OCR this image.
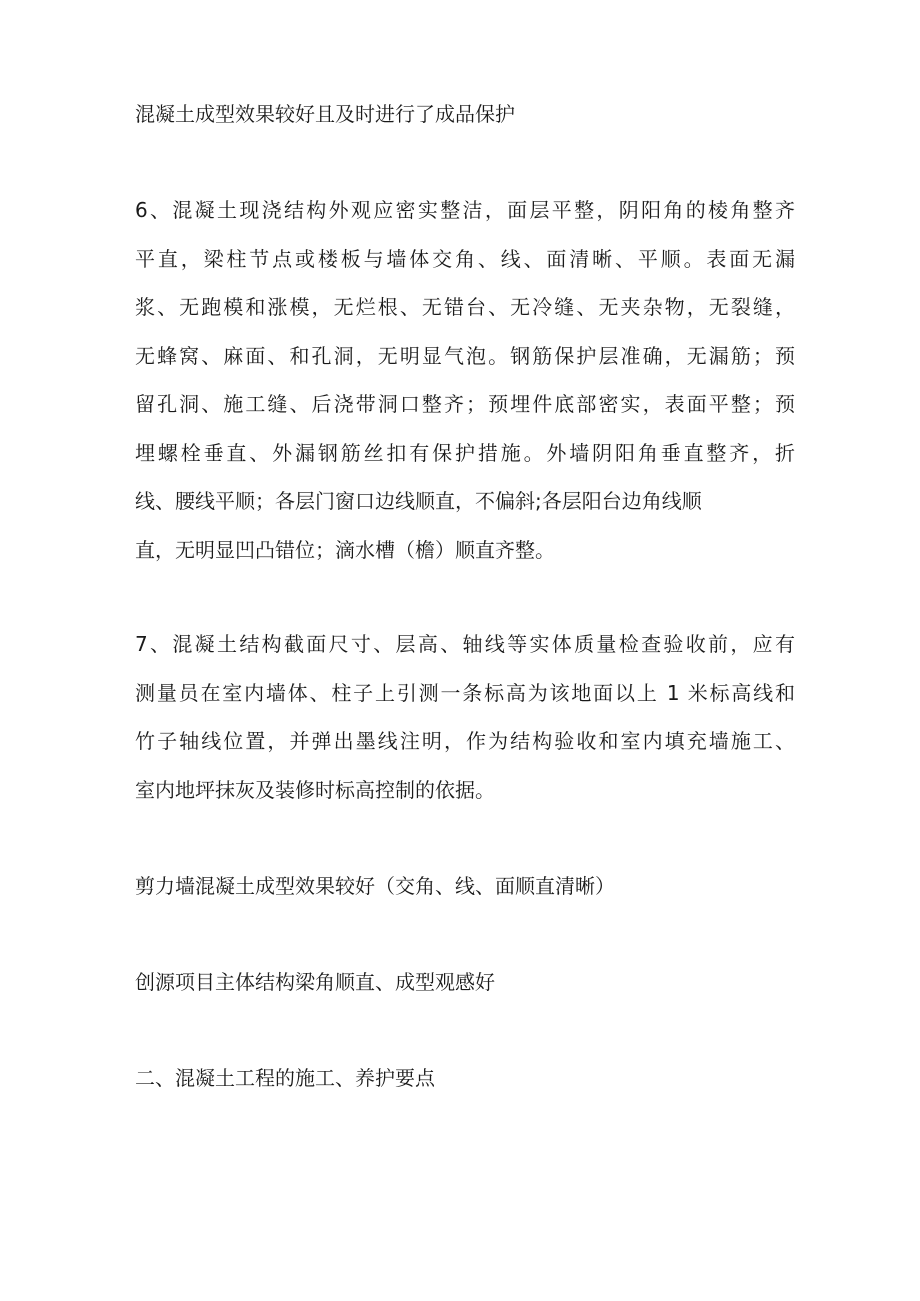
混凝土成型效果较好且及时进行了成品保护

6、混凝土现浇结构外观应密实整洁，面层平整，阴阳角的棱角整齐
平直，梁柱节点或楼板与墙体交角、线、面清晰、平顺。表面无漏
浆、无跑模和涨模，无烂根、无错台、无冷缝、无夹杂物，无裂缝，
无蜂窝、麻面、和孔洞，无明显气泡。钢筋保护层准确，无漏筋；预
留孔洞、施工缝、后浇带洞口整齐；预埋件底部密实，表面平整；预
埋螺栓垂直、外漏钢筋丝扣有保护措施。外墙阴阳角垂直整齐，折
线、腰线平顺；各层门窗口边线顺直，不偏斜;各层阳台边角线顺
直，无明显凹凸错位；滴水槽（檐）顺直齐整。

7、混凝土结构截面尺寸、层高、轴线等实体质量检查验收前，应有
测量员在室内墙体、柱子上引测一条标高为该地面以上 1 米标高线和
竹子轴线位置，并弹出墨线注明，作为结构验收和室内填充墙施工、
室内地坪抹灰及装修时标高控制的依据。

剪力墙混凝土成型效果较好（交角、线、面顺直清晰）

创源项目主体结构梁角顺直、成型观感好

二、混凝土工程的施工、养护要点
